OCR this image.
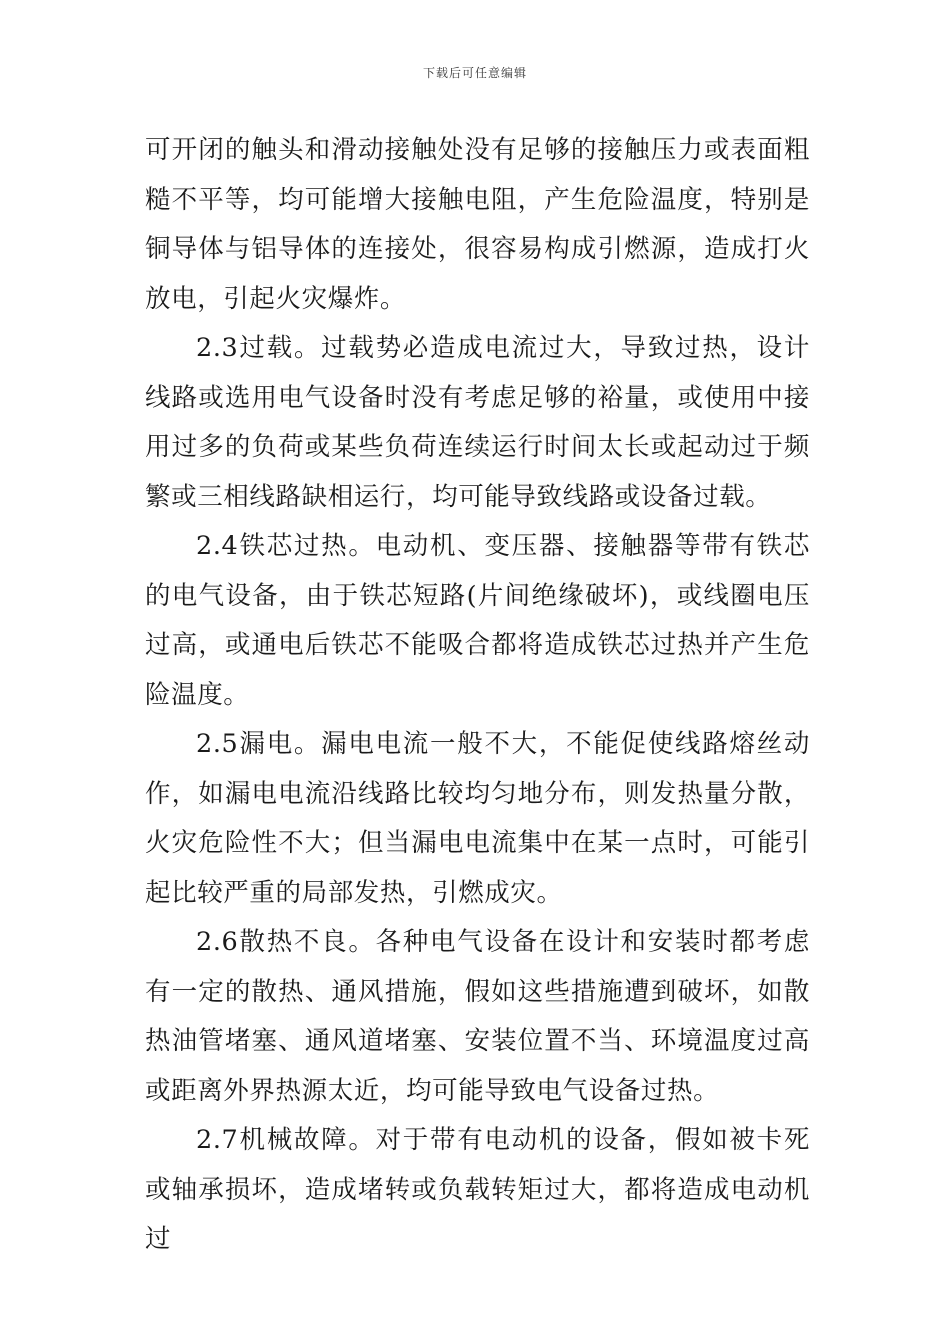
下载后可任意编辑

可开闭的触头和滑动接触处没有足够的接触压力或表面粗糙不平等，均可能增大接触电阻，产生危险温度，特别是铜导体与铝导体的连接处，很容易构成引燃源，造成打火放电，引起火灾爆炸。

2.3过载。过载势必造成电流过大，导致过热，设计线路或选用电气设备时没有考虑足够的裕量，或使用中接用过多的负荷或某些负荷连续运行时间太长或起动过于频繁或三相线路缺相运行，均可能导致线路或设备过载。

2.4铁芯过热。电动机、变压器、接触器等带有铁芯的电气设备，由于铁芯短路(片间绝缘破坏)，或线圈电压过高，或通电后铁芯不能吸合都将造成铁芯过热并产生危险温度。

2.5漏电。漏电电流一般不大，不能促使线路熔丝动作，如漏电电流沿线路比较均匀地分布，则发热量分散，火灾危险性不大；但当漏电电流集中在某一点时，可能引起比较严重的局部发热，引燃成灾。

2.6散热不良。各种电气设备在设计和安装时都考虑有一定的散热、通风措施，假如这些措施遭到破坏，如散热油管堵塞、通风道堵塞、安装位置不当、环境温度过高或距离外界热源太近，均可能导致电气设备过热。

2.7机械故障。对于带有电动机的设备，假如被卡死或轴承损坏，造成堵转或负载转矩过大，都将造成电动机过
